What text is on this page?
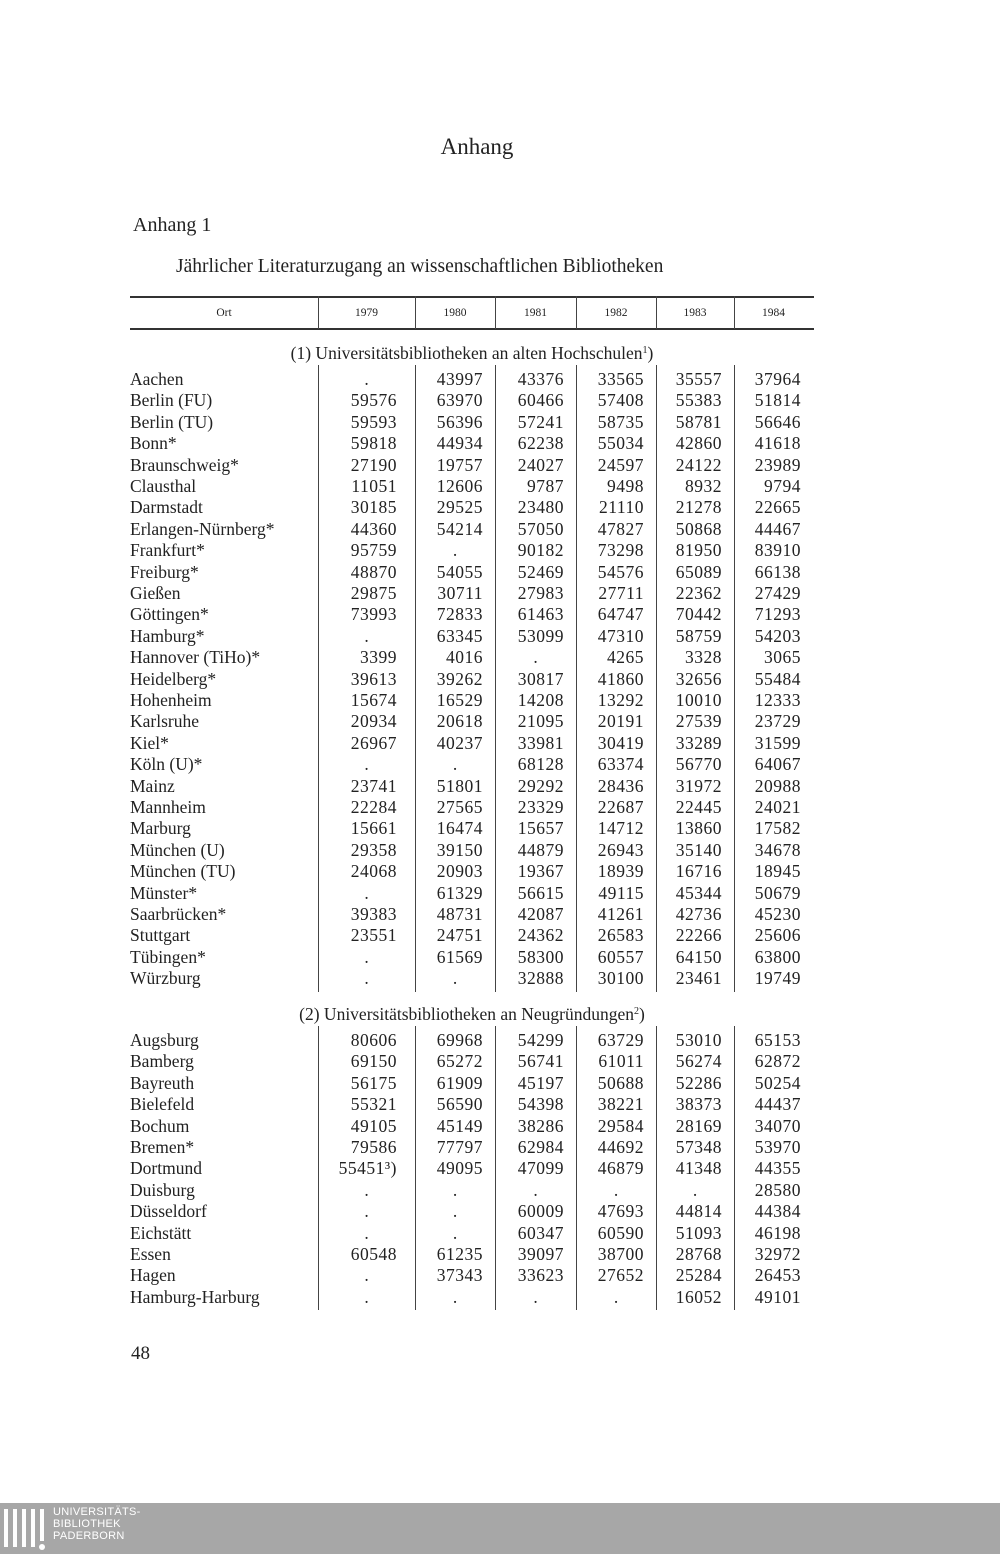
Anhang
Anhang 1
Jährlicher Literaturzugang an wissenschaftlichen Bibliotheken
Ort	1979	1980	1981	1982	1983	1984
(1) Universitätsbibliotheken an alten Hochschulen$^1$)
Aachen	.	43997	43376	33565	35557	37964
Berlin (FU)	59576	63970	60466	57408	55383	51814
Berlin (TU)	59593	56396	57241	58735	58781	56646
Bonn*	59818	44934	62238	55034	42860	41618
Braunschweig*	27190	19757	24027	24597	24122	23989
Clausthal	11051	12606	9787	9498	8932	9794
Darmstadt	30185	29525	23480	21110	21278	22665
Erlangen-Nürnberg*	44360	54214	57050	47827	50868	44467
Frankfurt*	95759	.	90182	73298	81950	83910
Freiburg*	48870	54055	52469	54576	65089	66138
Gießen	29875	30711	27983	27711	22362	27429
Göttingen*	73993	72833	61463	64747	70442	71293
Hamburg*	.	63345	53099	47310	58759	54203
Hannover (TiHo)*	3399	4016	.	4265	3328	3065
Heidelberg*	39613	39262	30817	41860	32656	55484
Hohenheim	15674	16529	14208	13292	10010	12333
Karlsruhe	20934	20618	21095	20191	27539	23729
Kiel*	26967	40237	33981	30419	33289	31599
Köln (U)*	.	.	68128	63374	56770	64067
Mainz	23741	51801	29292	28436	31972	20988
Mannheim	22284	27565	23329	22687	22445	24021
Marburg	15661	16474	15657	14712	13860	17582
München (U)	29358	39150	44879	26943	35140	34678
München (TU)	24068	20903	19367	18939	16716	18945
Münster*	.	61329	56615	49115	45344	50679
Saarbrücken*	39383	48731	42087	41261	42736	45230
Stuttgart	23551	24751	24362	26583	22266	25606
Tübingen*	.	61569	58300	60557	64150	63800
Würzburg	.	.	32888	30100	23461	19749
(2) Universitätsbibliotheken an Neugründungen$^2$)
Augsburg	80606	69968	54299	63729	53010	65153
Bamberg	69150	65272	56741	61011	56274	62872
Bayreuth	56175	61909	45197	50688	52286	50254
Bielefeld	55321	56590	54398	38221	38373	44437
Bochum	49105	45149	38286	29584	28169	34070
Bremen*	79586	77797	62984	44692	57348	53970
Dortmund	55451³)	49095	47099	46879	41348	44355
Duisburg	.	.	.	.	.	28580
Düsseldorf	.	.	60009	47693	44814	44384
Eichstätt	.	.	60347	60590	51093	46198
Essen	60548	61235	39097	38700	28768	32972
Hagen	.	37343	33623	27652	25284	26453
Hamburg-Harburg	.	.	.	.	16052	49101
48
UNIVERSITÄTS-
BIBLIOTHEK
PADERBORN
